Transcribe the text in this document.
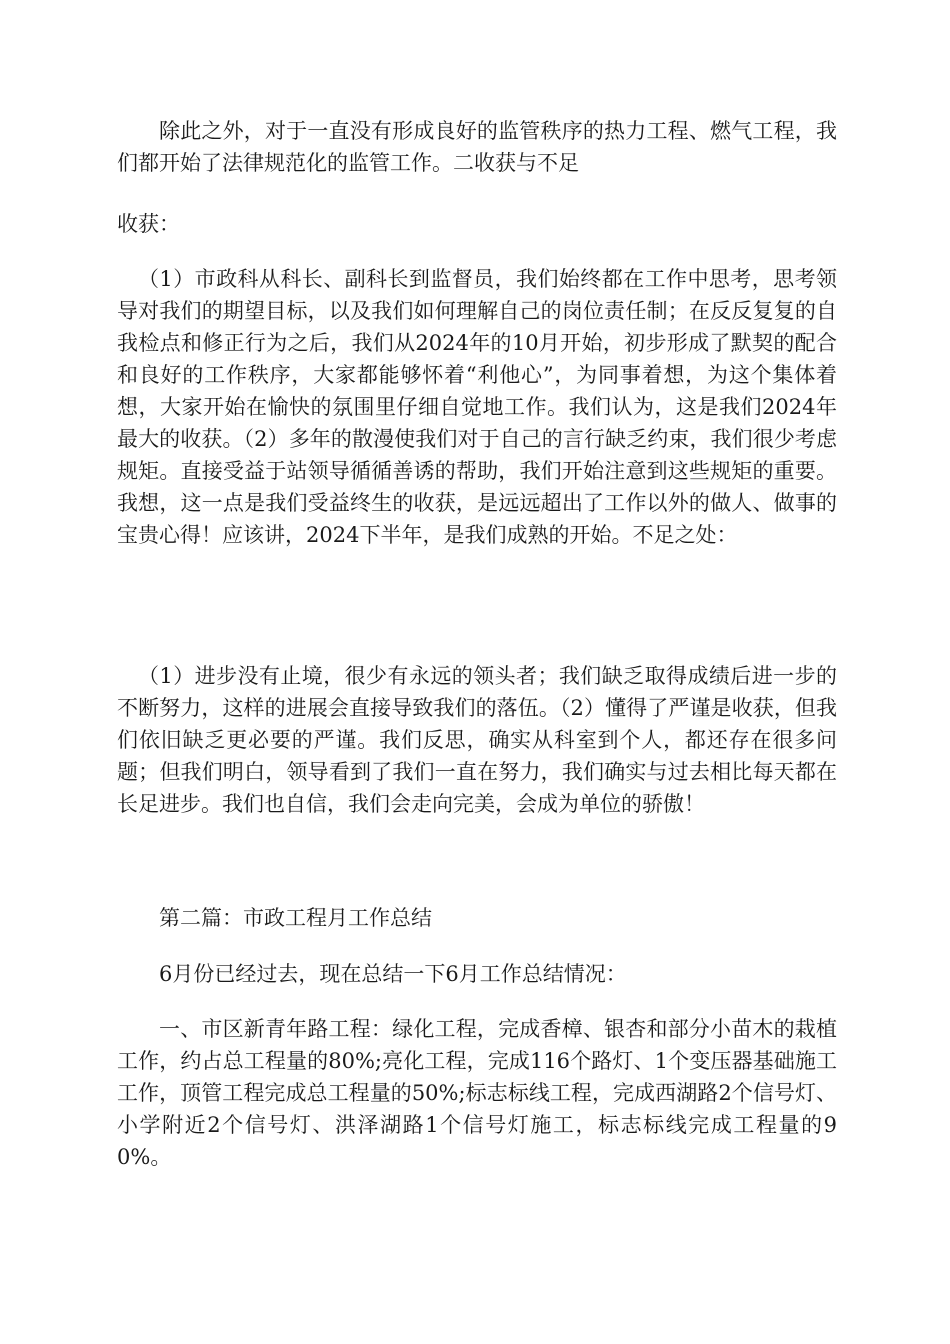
除此之外，对于一直没有形成良好的监管秩序的热力工程、燃气工程，我们都开始了法律规范化的监管工作。二收获与不足

收获：

（1）市政科从科长、副科长到监督员，我们始终都在工作中思考，思考领导对我们的期望目标，以及我们如何理解自己的岗位责任制；在反反复复的自我检点和修正行为之后，我们从2024年的10月开始，初步形成了默契的配合和良好的工作秩序，大家都能够怀着“利他心”，为同事着想，为这个集体着想，大家开始在愉快的氛围里仔细自觉地工作。我们认为，这是我们2024年最大的收获。（2）多年的散漫使我们对于自己的言行缺乏约束，我们很少考虑规矩。直接受益于站领导循循善诱的帮助，我们开始注意到这些规矩的重要。我想，这一点是我们受益终生的收获，是远远超出了工作以外的做人、做事的宝贵心得！应该讲，2024下半年，是我们成熟的开始。不足之处：

（1）进步没有止境，很少有永远的领头者；我们缺乏取得成绩后进一步的不断努力，这样的进展会直接导致我们的落伍。（2）懂得了严谨是收获，但我们依旧缺乏更必要的严谨。我们反思，确实从科室到个人，都还存在很多问题；但我们明白，领导看到了我们一直在努力，我们确实与过去相比每天都在长足进步。我们也自信，我们会走向完美，会成为单位的骄傲！

第二篇：市政工程月工作总结

6月份已经过去，现在总结一下6月工作总结情况：

一、市区新青年路工程：绿化工程，完成香樟、银杏和部分小苗木的栽植工作，约占总工程量的80%;亮化工程，完成116个路灯、1个变压器基础施工工作，顶管工程完成总工程量的50%;标志标线工程，完成西湖路2个信号灯、小学附近2个信号灯、洪泽湖路1个信号灯施工，标志标线完成工程量的90%。
